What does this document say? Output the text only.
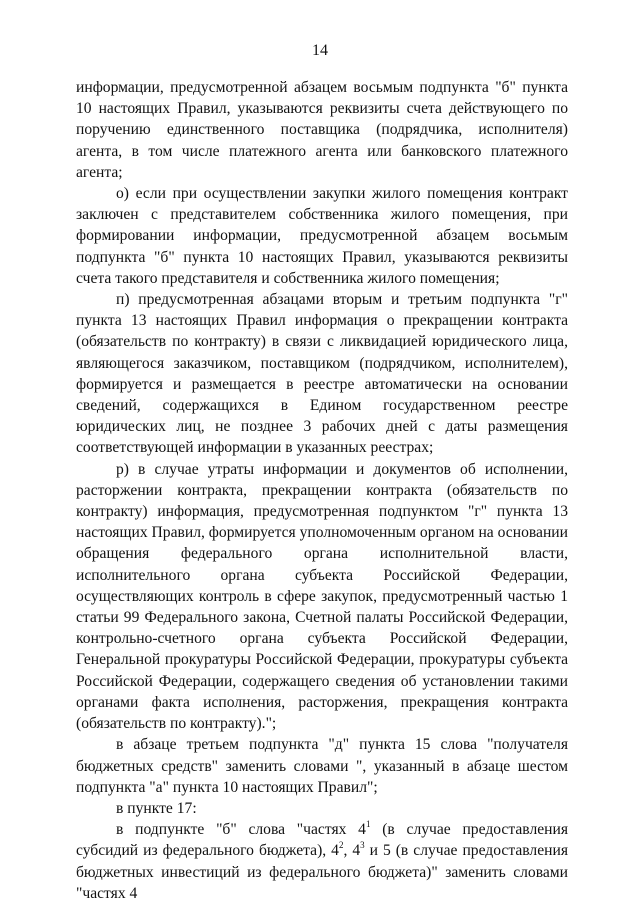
14

информации, предусмотренной абзацем восьмым подпункта "б" пункта 10 настоящих Правил, указываются реквизиты счета действующего по поручению единственного поставщика (подрядчика, исполнителя) агента, в том числе платежного агента или банковского платежного агента;

о) если при осуществлении закупки жилого помещения контракт заключен с представителем собственника жилого помещения, при формировании информации, предусмотренной абзацем восьмым подпункта "б" пункта 10 настоящих Правил, указываются реквизиты счета такого представителя и собственника жилого помещения;

п) предусмотренная абзацами вторым и третьим подпункта "г" пункта 13 настоящих Правил информация о прекращении контракта (обязательств по контракту) в связи с ликвидацией юридического лица, являющегося заказчиком, поставщиком (подрядчиком, исполнителем), формируется и размещается в реестре автоматически на основании сведений, содержащихся в Едином государственном реестре юридических лиц, не позднее 3 рабочих дней с даты размещения соответствующей информации в указанных реестрах;

р) в случае утраты информации и документов об исполнении, расторжении контракта, прекращении контракта (обязательств по контракту) информация, предусмотренная подпунктом "г" пункта 13 настоящих Правил, формируется уполномоченным органом на основании обращения федерального органа исполнительной власти, исполнительного органа субъекта Российской Федерации, осуществляющих контроль в сфере закупок, предусмотренный частью 1 статьи 99 Федерального закона, Счетной палаты Российской Федерации, контрольно-счетного органа субъекта Российской Федерации, Генеральной прокуратуры Российской Федерации, прокуратуры субъекта Российской Федерации, содержащего сведения об установлении такими органами факта исполнения, расторжения, прекращения контракта (обязательств по контракту).";

в абзаце третьем подпункта "д" пункта 15 слова "получателя бюджетных средств" заменить словами ", указанный в абзаце шестом подпункта "а" пункта 10 настоящих Правил";

в пункте 17:

в подпункте "б" слова "частях $4^1$ (в случае предоставления субсидий из федерального бюджета), $4^2$, $4^3$ и 5 (в случае предоставления бюджетных инвестиций из федерального бюджета)" заменить словами "частях 4
